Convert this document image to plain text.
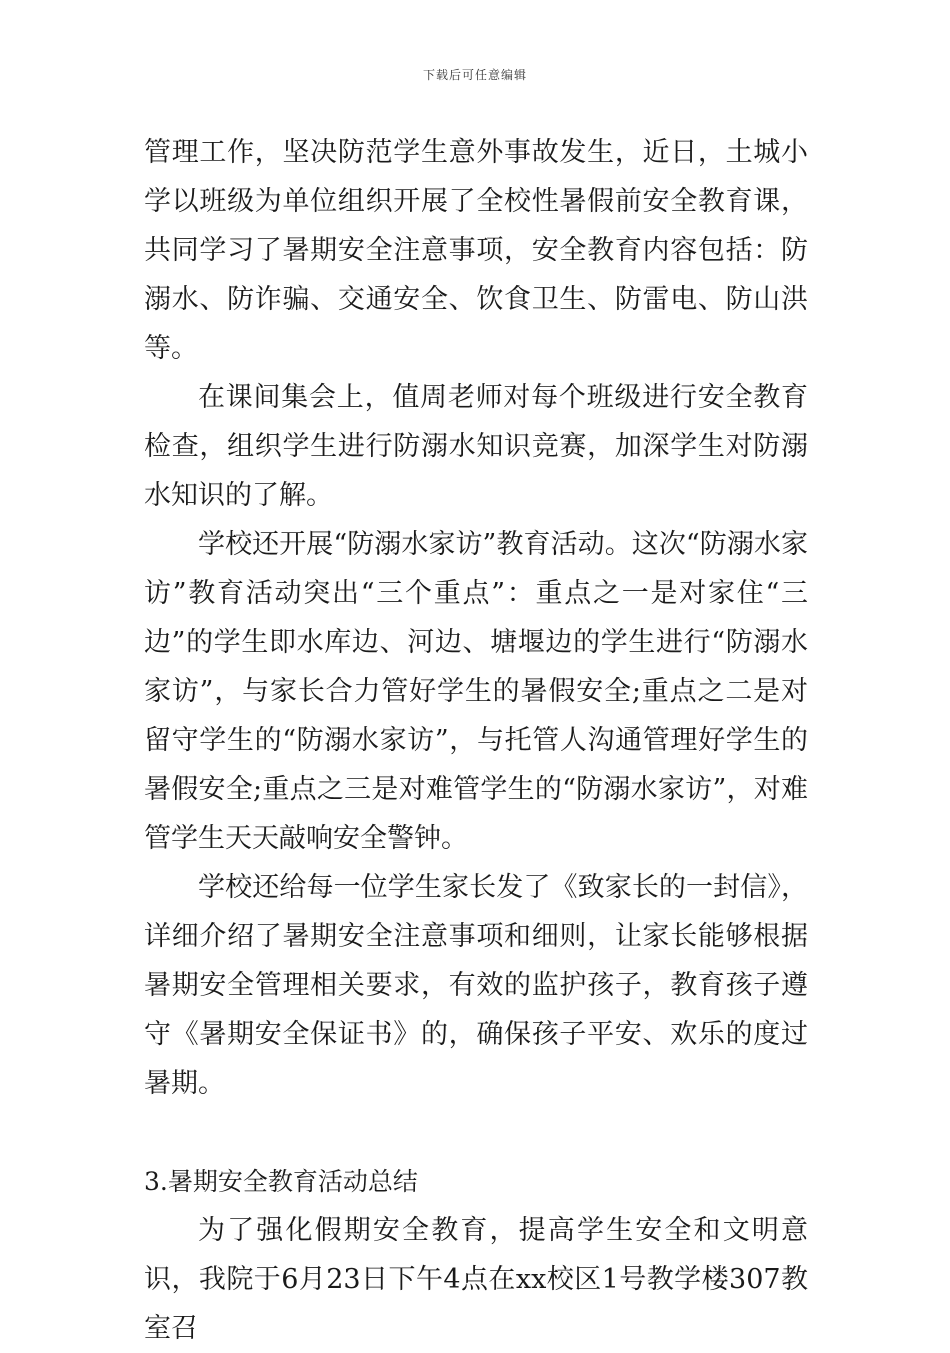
下载后可任意编辑

管理工作，坚决防范学生意外事故发生，近日，土城小学以班级为单位组织开展了全校性暑假前安全教育课，共同学习了暑期安全注意事项，安全教育内容包括：防溺水、防诈骗、交通安全、饮食卫生、防雷电、防山洪等。

在课间集会上，值周老师对每个班级进行安全教育检查，组织学生进行防溺水知识竞赛，加深学生对防溺水知识的了解。

学校还开展“防溺水家访”教育活动。这次“防溺水家访”教育活动突出“三个重点”：重点之一是对家住“三边”的学生即水库边、河边、塘堰边的学生进行“防溺水家访”，与家长合力管好学生的暑假安全;重点之二是对留守学生的“防溺水家访”，与托管人沟通管理好学生的暑假安全;重点之三是对难管学生的“防溺水家访”，对难管学生天天敲响安全警钟。

学校还给每一位学生家长发了《致家长的一封信》，详细介绍了暑期安全注意事项和细则，让家长能够根据暑期安全管理相关要求，有效的监护孩子，教育孩子遵守《暑期安全保证书》的，确保孩子平安、欢乐的度过暑期。

3.暑期安全教育活动总结

为了强化假期安全教育，提高学生安全和文明意识，我院于6月23日下午4点在xx校区1号教学楼307教室召
